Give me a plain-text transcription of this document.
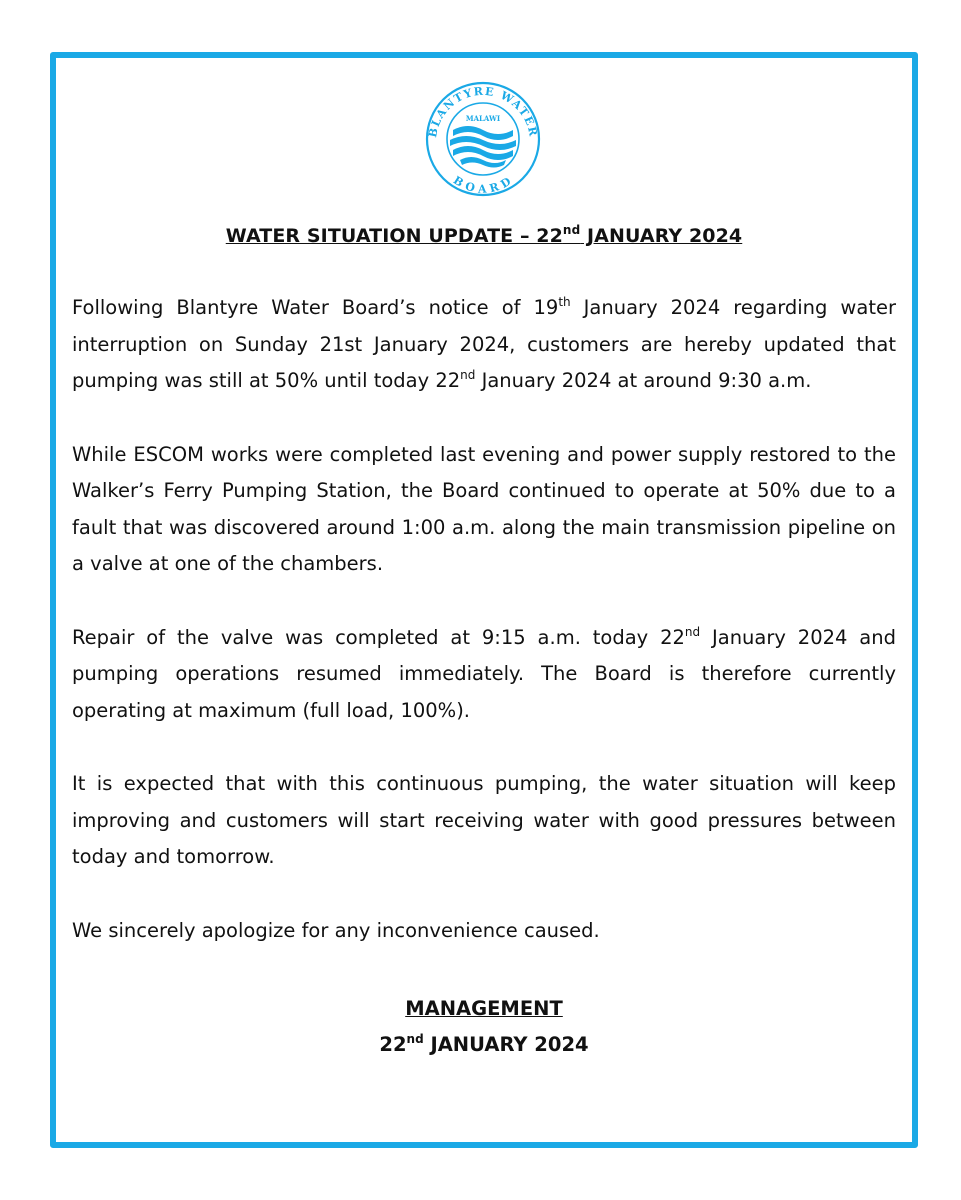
BLANTYRE WATER
BOARD
MALAWI
WATER SITUATION UPDATE – 22nd JANUARY 2024

Following Blantyre Water Board’s notice of 19th January 2024 regarding water interruption on Sunday 21st January 2024, customers are hereby updated that pumping was still at 50% until today 22nd January 2024 at around 9:30 a.m.

While ESCOM works were completed last evening and power supply restored to the Walker’s Ferry Pumping Station, the Board continued to operate at 50% due to a fault that was discovered around 1:00 a.m. along the main transmission pipeline on a valve at one of the chambers.

Repair of the valve was completed at 9:15 a.m. today 22nd January 2024 and pumping operations resumed immediately. The Board is therefore currently operating at maximum (full load, 100%).

It is expected that with this continuous pumping, the water situation will keep improving and customers will start receiving water with good pressures between today and tomorrow.

We sincerely apologize for any inconvenience caused.

MANAGEMENT
22nd JANUARY 2024
